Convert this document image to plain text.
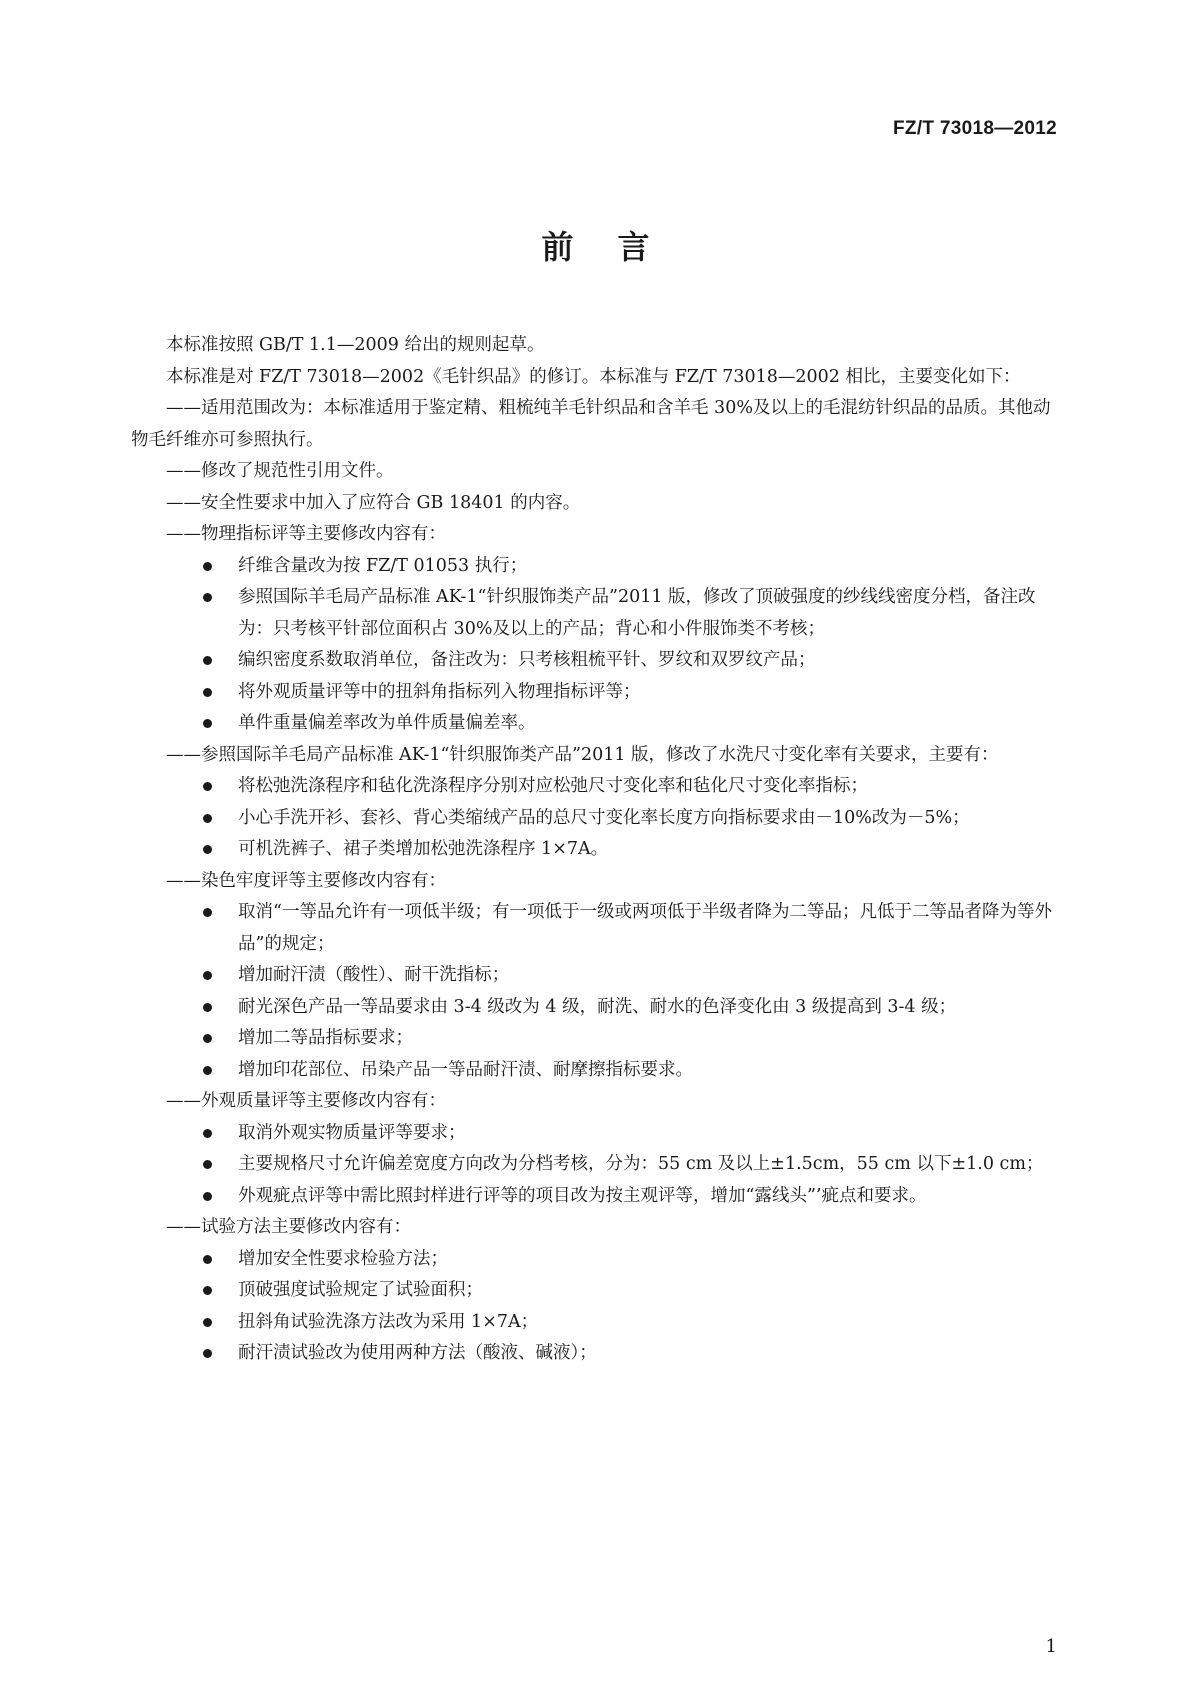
FZ/T 73018—2012
前言

本标准按照 GB/T 1.1—2009 给出的规则起草。

本标准是对 FZ/T 73018—2002《毛针织品》的修订。本标准与 FZ/T 73018—2002 相比，主要变化如下：

——适用范围改为：本标准适用于鉴定精、粗梳纯羊毛针织品和含羊毛 30%及以上的毛混纺针织品的品质。其他动物毛纤维亦可参照执行。

——修改了规范性引用文件。

——安全性要求中加入了应符合 GB 18401 的内容。

——物理指标评等主要修改内容有：

纤维含量改为按 FZ/T 01053 执行；
参照国际羊毛局产品标准 AK-1“针织服饰类产品”2011 版，修改了顶破强度的纱线线密度分档，备注改为：只考核平针部位面积占 30%及以上的产品；背心和小件服饰类不考核；
编织密度系数取消单位，备注改为：只考核粗梳平针、罗纹和双罗纹产品；
将外观质量评等中的扭斜角指标列入物理指标评等；
单件重量偏差率改为单件质量偏差率。

——参照国际羊毛局产品标准 AK-1“针织服饰类产品”2011 版，修改了水洗尺寸变化率有关要求，主要有：

将松弛洗涤程序和毡化洗涤程序分别对应松弛尺寸变化率和毡化尺寸变化率指标；
小心手洗开衫、套衫、背心类缩绒产品的总尺寸变化率长度方向指标要求由－10%改为－5%；
可机洗裤子、裙子类增加松弛洗涤程序 1×7A。

——染色牢度评等主要修改内容有：

取消“一等品允许有一项低半级；有一项低于一级或两项低于半级者降为二等品；凡低于二等品者降为等外品”的规定；
增加耐汗渍（酸性）、耐干洗指标；
耐光深色产品一等品要求由 3-4 级改为 4 级，耐洗、耐水的色泽变化由 3 级提高到 3-4 级；
增加二等品指标要求；
增加印花部位、吊染产品一等品耐汗渍、耐摩擦指标要求。

——外观质量评等主要修改内容有：

取消外观实物质量评等要求；
主要规格尺寸允许偏差宽度方向改为分档考核，分为：55 cm 及以上±1.5cm，55 cm 以下±1.0 cm；
外观疵点评等中需比照封样进行评等的项目改为按主观评等，增加“露线头”’疵点和要求。

——试验方法主要修改内容有：

增加安全性要求检验方法；
顶破强度试验规定了试验面积；
扭斜角试验洗涤方法改为采用 1×7A；
耐汗渍试验改为使用两种方法（酸液、碱液）；
1
